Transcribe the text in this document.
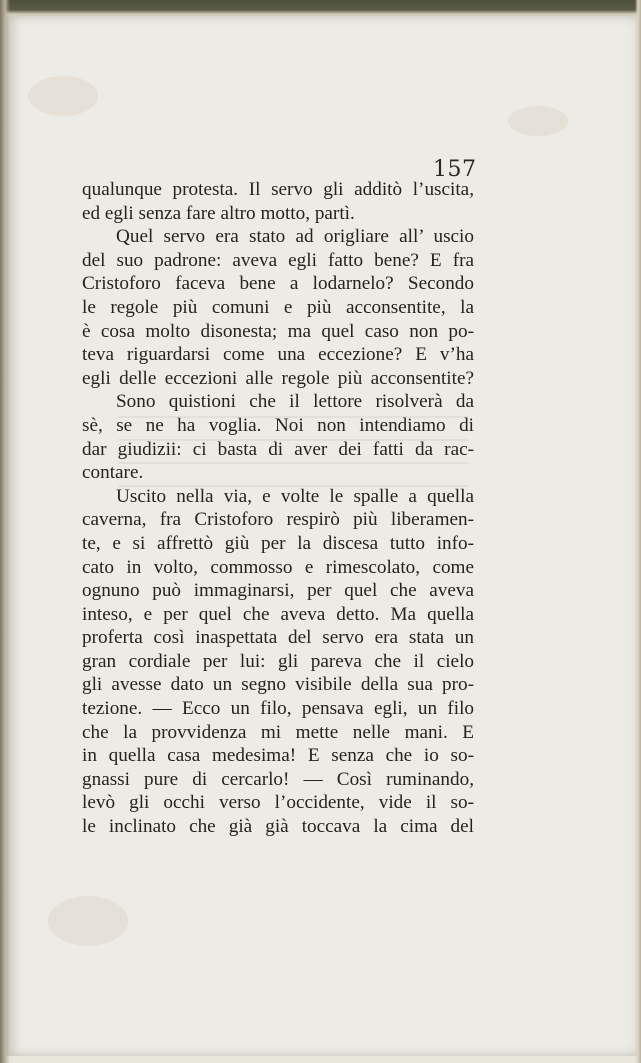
157
qualunque protesta. Il servo gli additò l’uscita,
ed egli senza fare altro motto, partì.
Quel servo era stato ad origliare all’ uscio
del suo padrone: aveva egli fatto bene? E fra
Cristoforo faceva bene a lodarnelo? Secondo
le regole più comuni e più acconsentite, la
è cosa molto disonesta; ma quel caso non po-
teva riguardarsi come una eccezione? E v’ha
egli delle eccezioni alle regole più acconsentite?
Sono quistioni che il lettore risolverà da
sè, se ne ha voglia. Noi non intendiamo di
dar giudizii: ci basta di aver dei fatti da rac-
contare.
Uscito nella via, e volte le spalle a quella
caverna, fra Cristoforo respirò più liberamen-
te, e si affrettò giù per la discesa tutto info-
cato in volto, commosso e rimescolato, come
ognuno può immaginarsi, per quel che aveva
inteso, e per quel che aveva detto. Ma quella
proferta così inaspettata del servo era stata un
gran cordiale per lui: gli pareva che il cielo
gli avesse dato un segno visibile della sua pro-
tezione. — Ecco un filo, pensava egli, un filo
che la provvidenza mi mette nelle mani. E
in quella casa medesima! E senza che io so-
gnassi pure di cercarlo! — Così ruminando,
levò gli occhi verso l’occidente, vide il so-
le inclinato che già già toccava la cima del
